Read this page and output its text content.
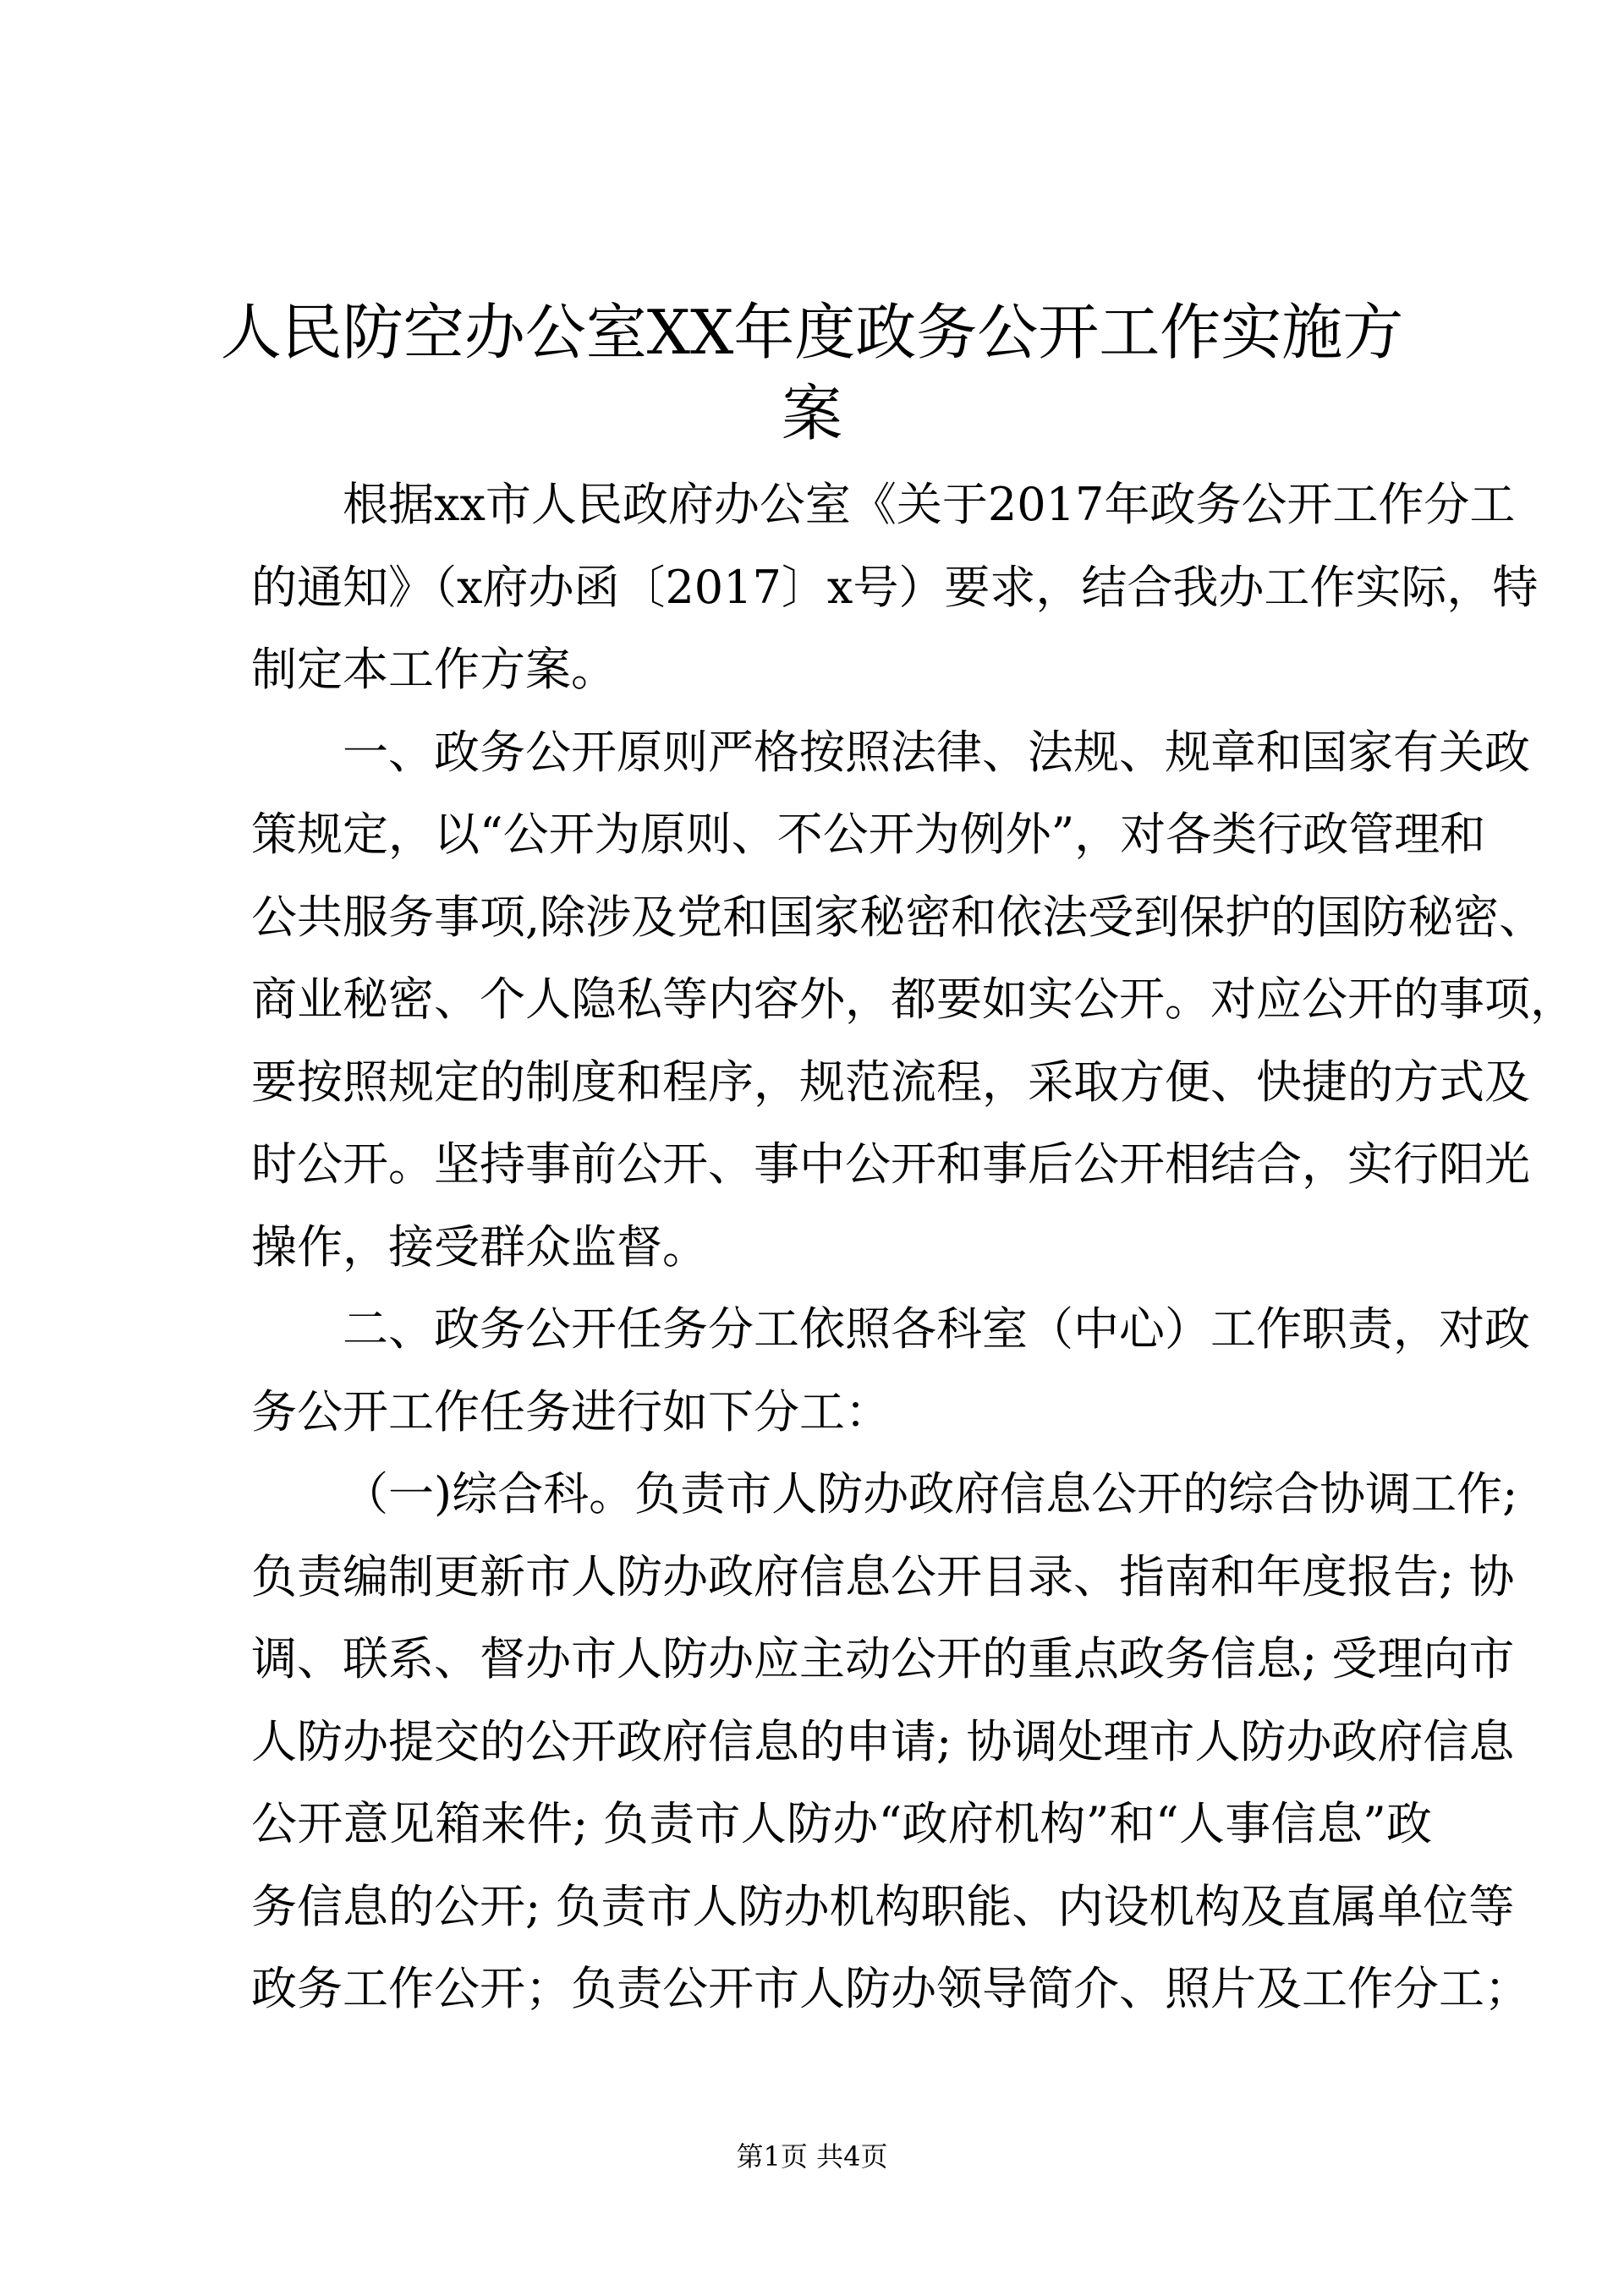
人民防空办公室XX年度政务公开工作实施方
案
根据xx市人民政府办公室《关于2017年政务公开工作分工
的通知》（x府办函〔2017〕x号）要求，结合我办工作实际，特
制定本工作方案。
一、政务公开原则严格按照法律、法规、规章和国家有关政
策规定，以“公开为原则、不公开为例外”，对各类行政管理和
公共服务事项,除涉及党和国家秘密和依法受到保护的国防秘密、
商业秘密、个人隐私等内容外，都要如实公开。对应公开的事项，
要按照规定的制度和程序，规范流程，采取方便、快捷的方式及
时公开。坚持事前公开、事中公开和事后公开相结合，实行阳光
操作，接受群众监督。
二、政务公开任务分工依照各科室（中心）工作职责，对政
务公开工作任务进行如下分工：
（一)综合科。负责市人防办政府信息公开的综合协调工作;
负责编制更新市人防办政府信息公开目录、指南和年度报告; 协
调、联系、督办市人防办应主动公开的重点政务信息; 受理向市
人防办提交的公开政府信息的申请; 协调处理市人防办政府信息
公开意见箱来件; 负责市人防办“政府机构”和“人事信息”政
务信息的公开; 负责市人防办机构职能、内设机构及直属单位等
政务工作公开；负责公开市人防办领导简介、照片及工作分工；
第1页 共4页
